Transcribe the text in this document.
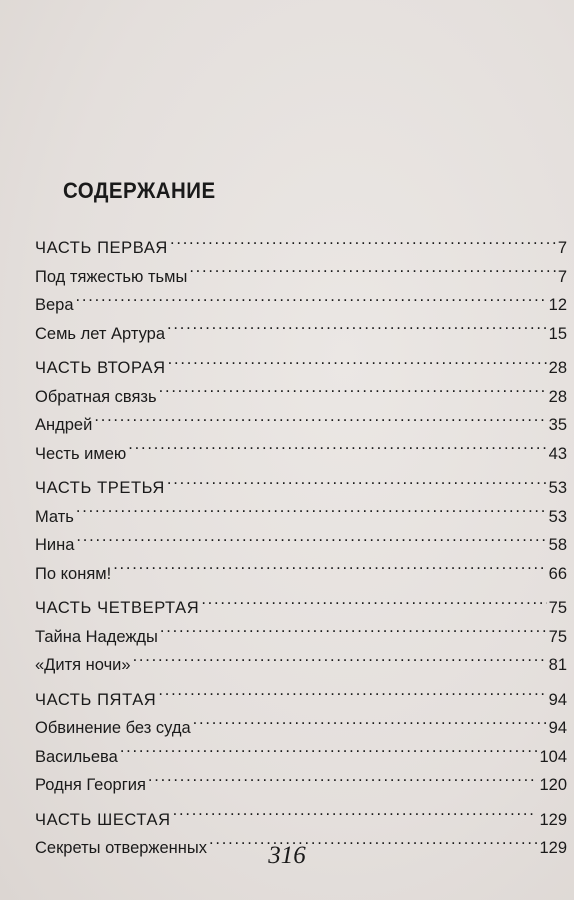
СОДЕРЖАНИЕ
ЧАСТЬ ПЕРВАЯ . . .	7
Под тяжестью тьмы . . .	7
Вера . . .	12
Семь лет Артура . . .	15
ЧАСТЬ ВТОРАЯ . . .	28
Обратная связь . . .	28
Андрей . . .	35
Честь имею . . .	43
ЧАСТЬ ТРЕТЬЯ . . .	53
Мать . . .	53
Нина . . .	58
По коням! . . .	66
ЧАСТЬ ЧЕТВЕРТАЯ . . .	75
Тайна Надежды . . .	75
«Дитя ночи» . . .	81
ЧАСТЬ ПЯТАЯ . . .	94
Обвинение без суда . . .	94
Васильева . . .	104
Родня Георгия . . .	120
ЧАСТЬ ШЕСТАЯ . . .	129
Секреты отверженных . . .	129
316
